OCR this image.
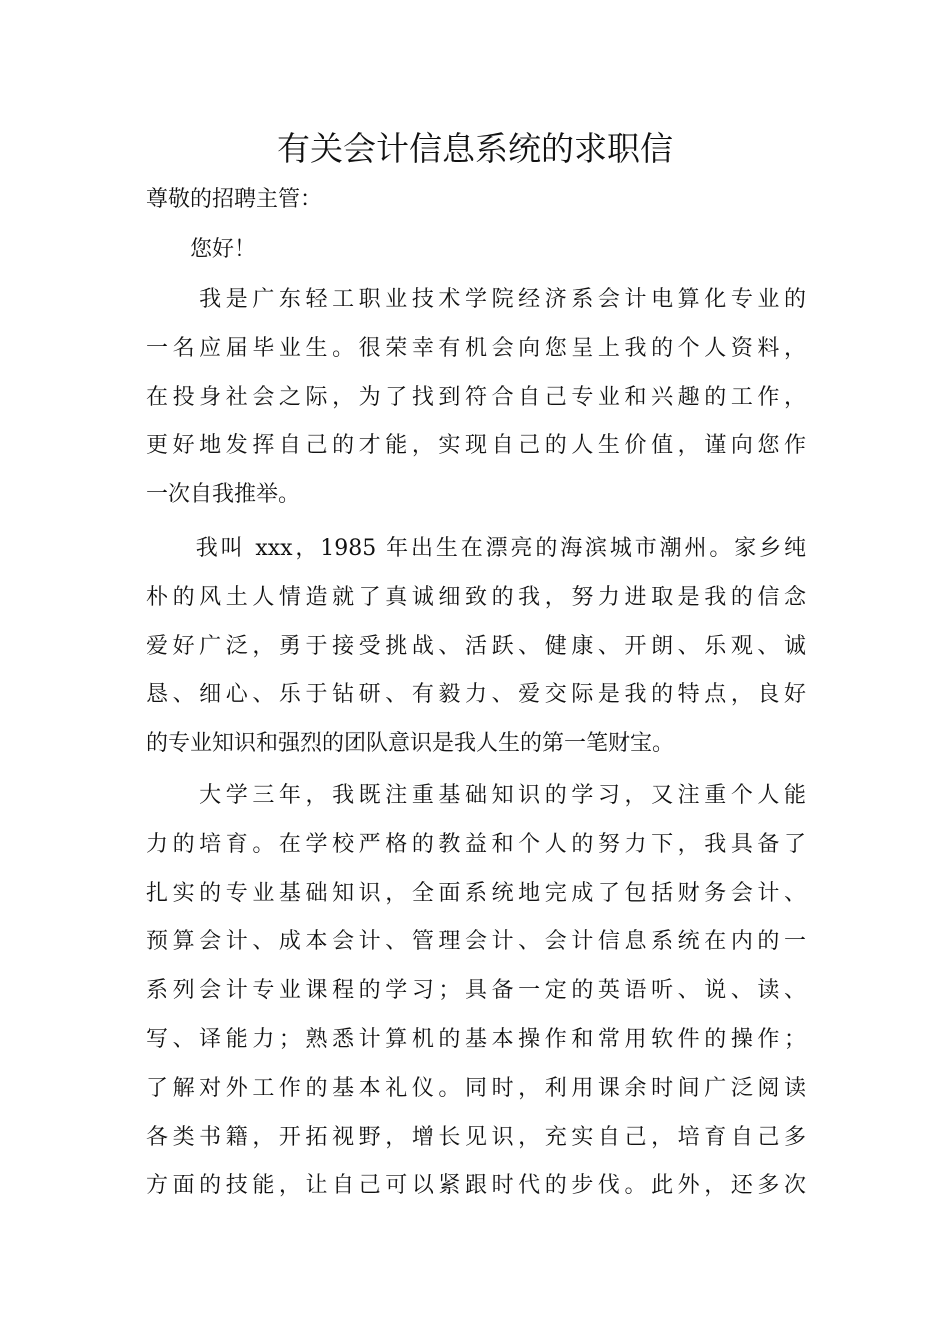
有关会计信息系统的求职信

尊敬的招聘主管：

　　您好！

　　我是广东轻工职业技术学院经济系会计电算化专业的
一名应届毕业生。很荣幸有机会向您呈上我的个人资料，
在投身社会之际，为了找到符合自己专业和兴趣的工作，
更好地发挥自己的才能，实现自己的人生价值，谨向您作
一次自我推举。
　　我叫 xxx，1985 年出生在漂亮的海滨城市潮州。家乡纯
朴的风土人情造就了真诚细致的我，努力进取是我的信念
爱好广泛，勇于接受挑战、活跃、健康、开朗、乐观、诚
恳、细心、乐于钻研、有毅力、爱交际是我的特点，良好
的专业知识和强烈的团队意识是我人生的第一笔财宝。
　　大学三年，我既注重基础知识的学习，又注重个人能
力的培育。在学校严格的教益和个人的努力下，我具备了
扎实的专业基础知识，全面系统地完成了包括财务会计、
预算会计、成本会计、管理会计、会计信息系统在内的一
系列会计专业课程的学习；具备一定的英语听、说、读、
写、译能力；熟悉计算机的基本操作和常用软件的操作；
了解对外工作的基本礼仪。同时，利用课余时间广泛阅读
各类书籍，开拓视野，增长见识，充实自己，培育自己多
方面的技能，让自己可以紧跟时代的步伐。此外，还多次
